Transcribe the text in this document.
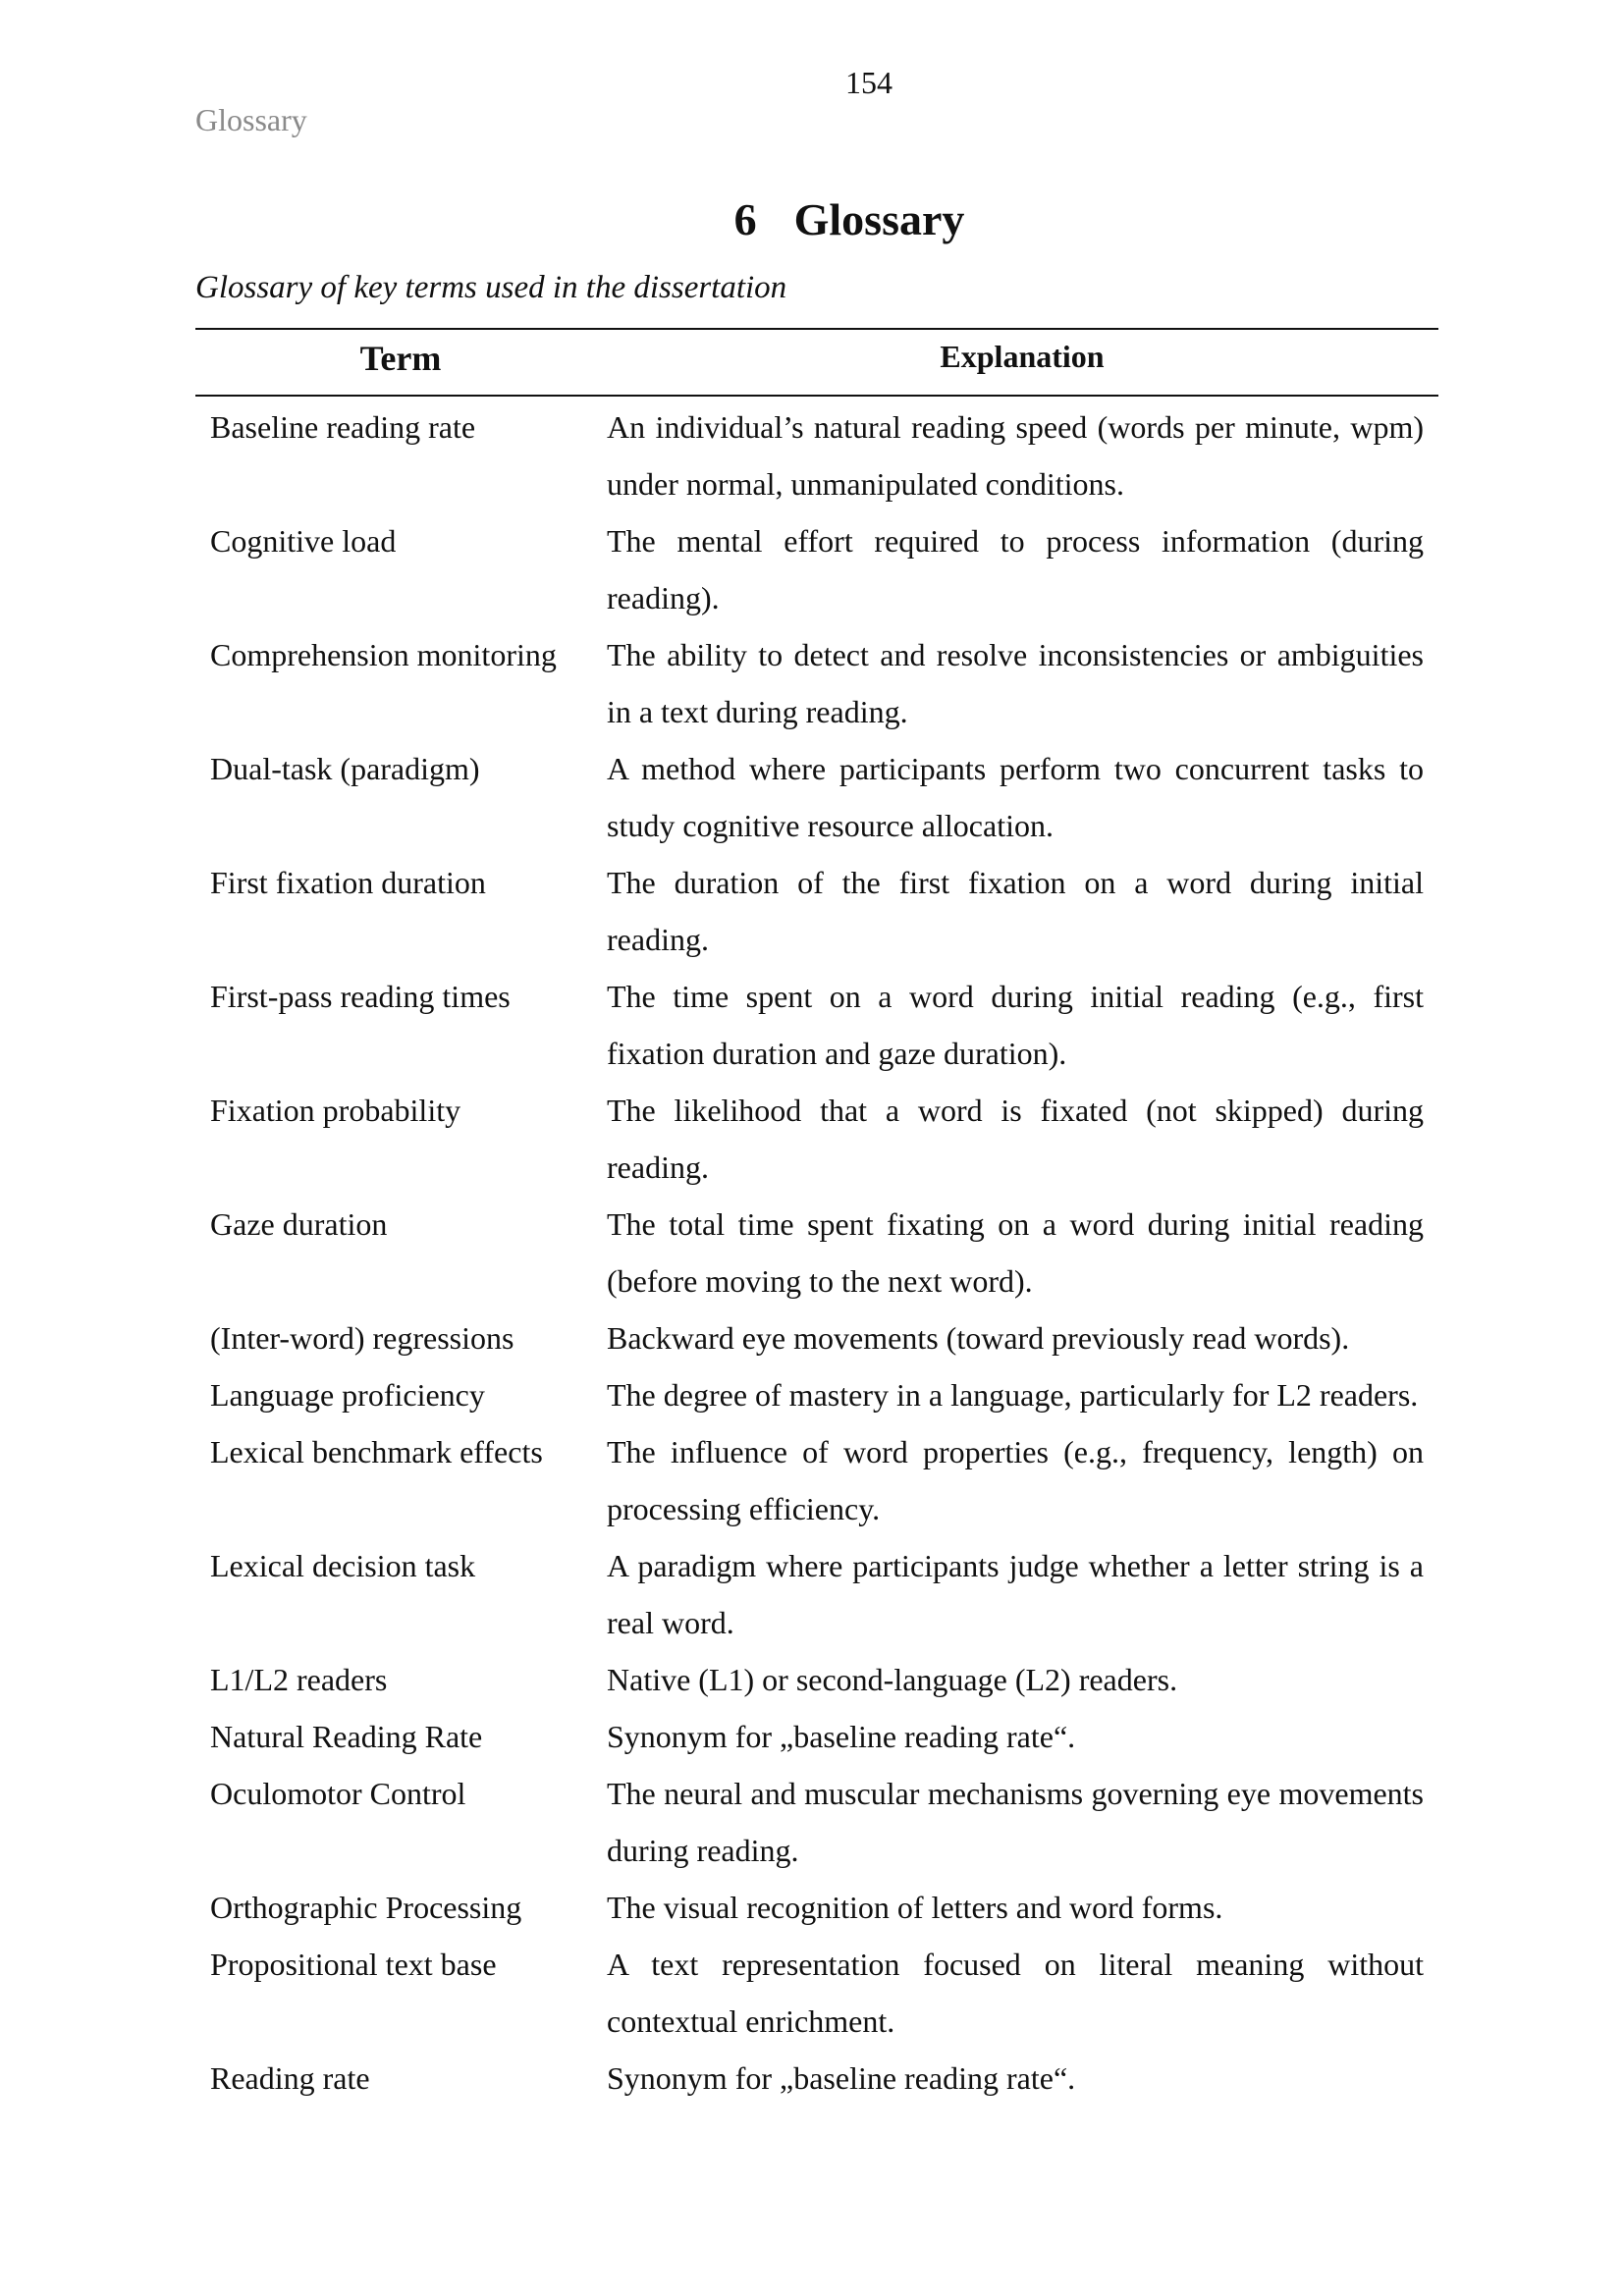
154
Glossary
6 Glossary
Glossary of key terms used in the dissertation
Term	Explanation
Baseline reading rate	An individual’s natural reading speed (words per minute, wpm) under normal, unmanipulated conditions.
Cognitive load	The mental effort required to process information (during reading).
Comprehension monitoring	The ability to detect and resolve inconsistencies or ambiguities in a text during reading.
Dual-task (paradigm)	A method where participants perform two concurrent tasks to study cognitive resource allocation.
First fixation duration	The duration of the first fixation on a word during initial reading.
First-pass reading times	The time spent on a word during initial reading (e.g., first fixation duration and gaze duration).
Fixation probability	The likelihood that a word is fixated (not skipped) during reading.
Gaze duration	The total time spent fixating on a word during initial reading (before moving to the next word).
(Inter-word) regressions	Backward eye movements (toward previously read words).
Language proficiency	The degree of mastery in a language, particularly for L2 readers.
Lexical benchmark effects	The influence of word properties (e.g., frequency, length) on processing efficiency.
Lexical decision task	A paradigm where participants judge whether a letter string is a real word.
L1/L2 readers	Native (L1) or second-language (L2) readers.
Natural Reading Rate	Synonym for „baseline reading rate“.
Oculomotor Control	The neural and muscular mechanisms governing eye movements during reading.
Orthographic Processing	The visual recognition of letters and word forms.
Propositional text base	A text representation focused on literal meaning without contextual enrichment.
Reading rate	Synonym for „baseline reading rate“.
